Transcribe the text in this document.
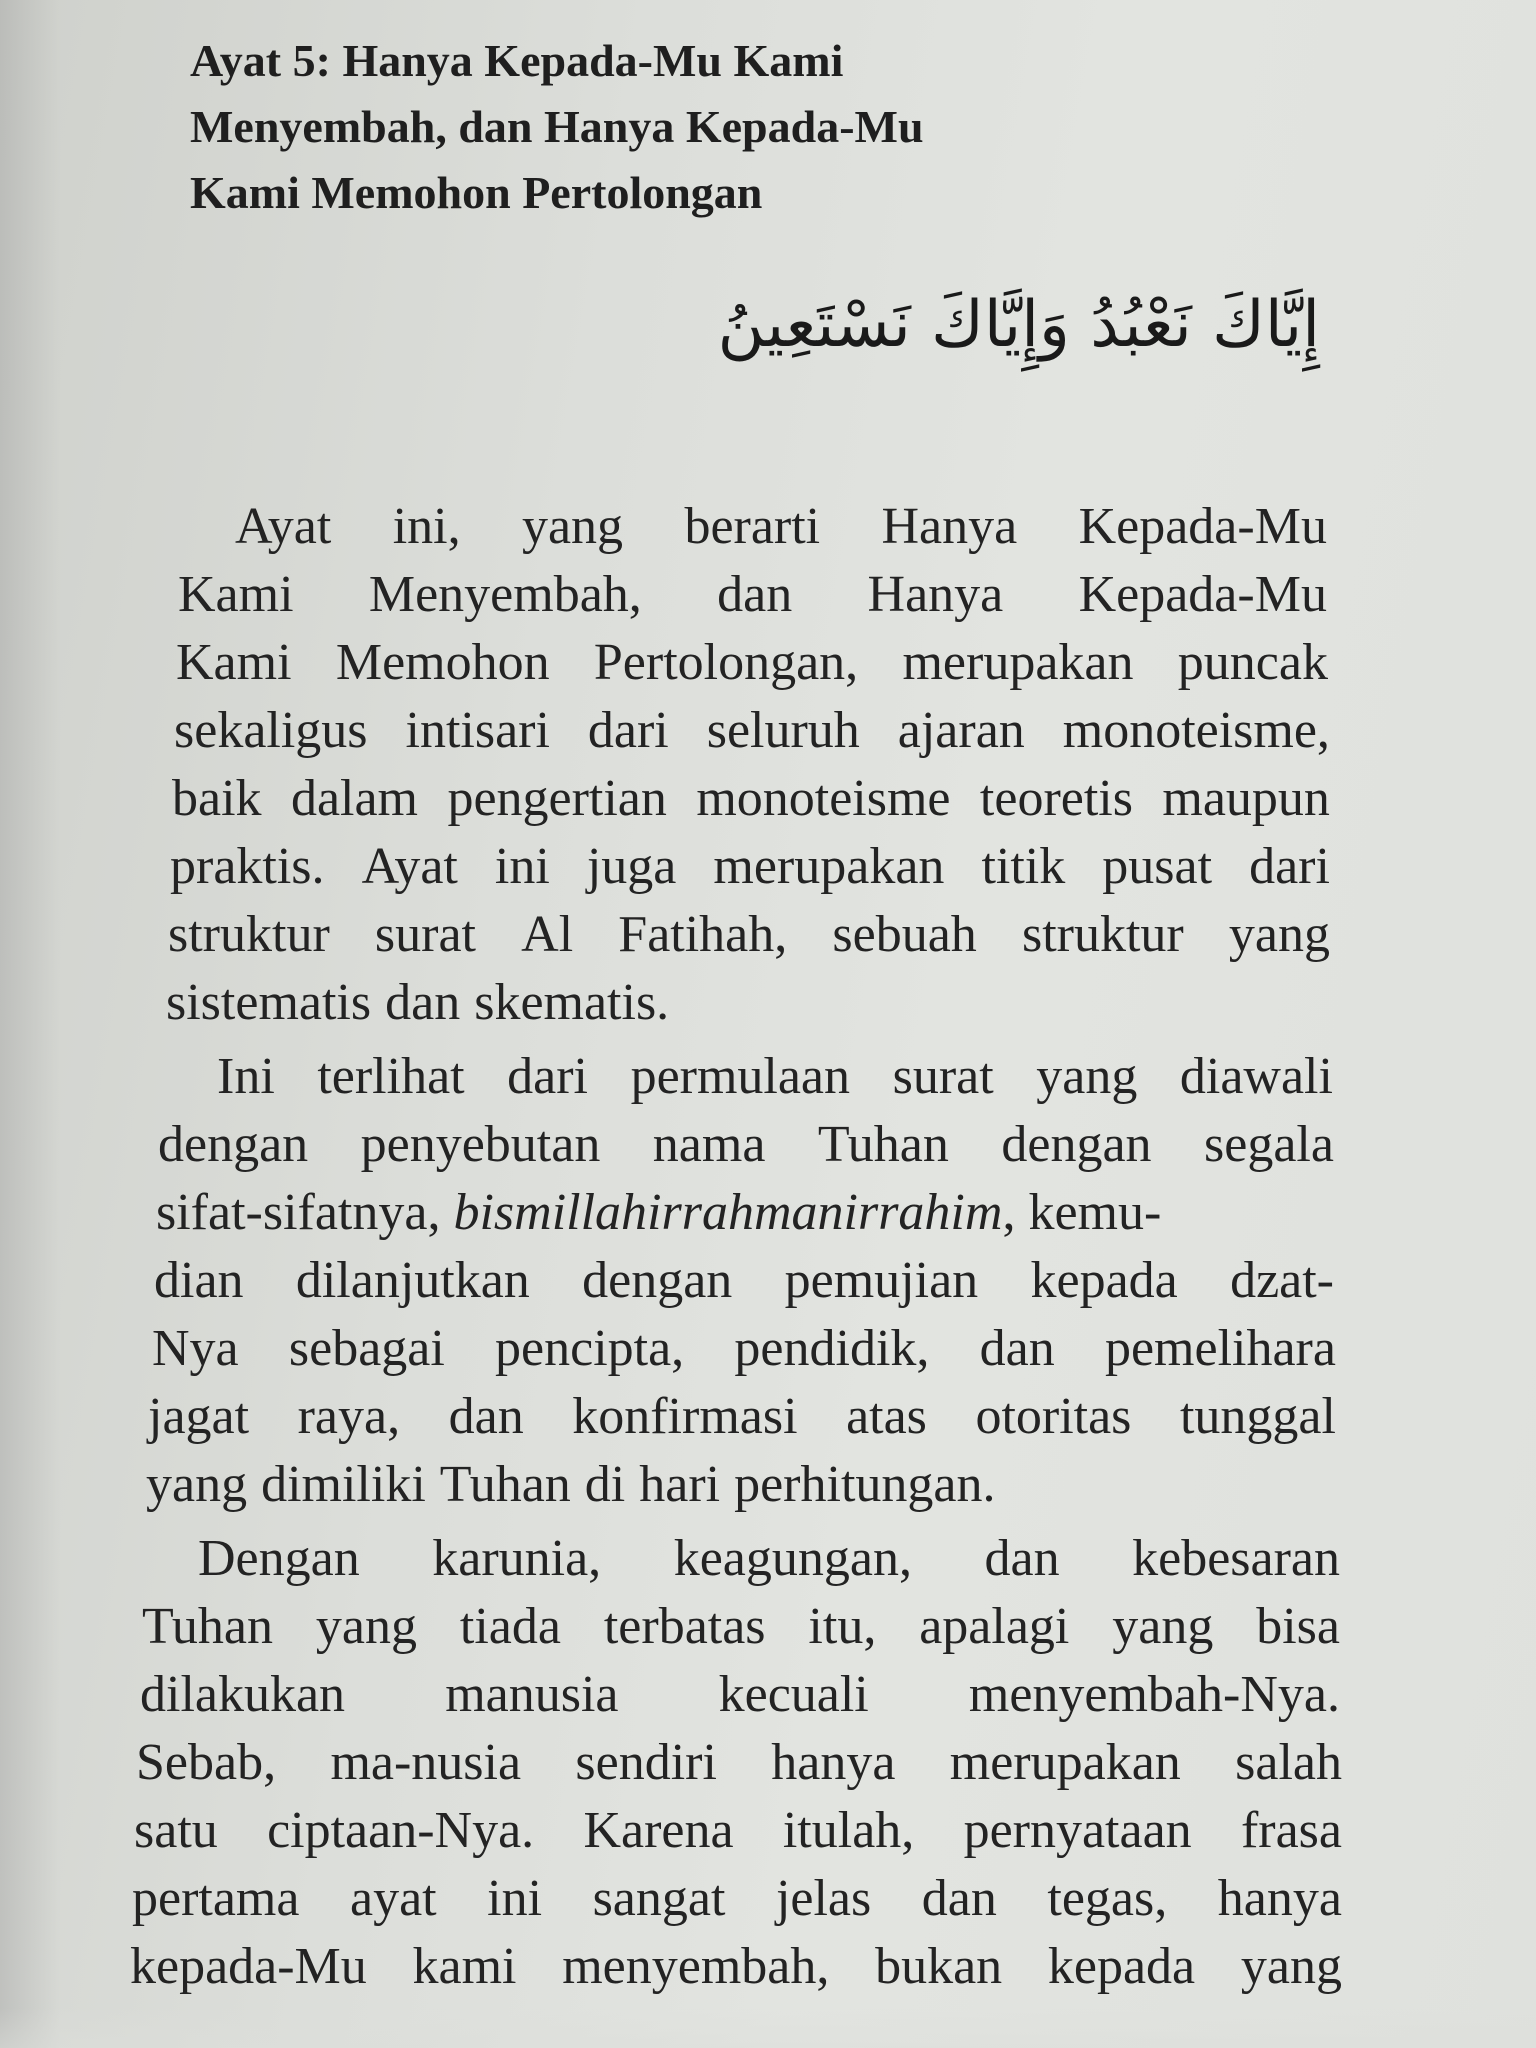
Ayat 5: Hanya Kepada-Mu Kami
Menyembah, dan Hanya Kepada-Mu
Kami Memohon Pertolongan
إِيَّاكَ نَعْبُدُ وَإِيَّاكَ نَسْتَعِينُ
Ayat ini, yang berarti Hanya Kepada-Mu
Kami Menyembah, dan Hanya Kepada-Mu
Kami Memohon Pertolongan, merupakan puncak
sekaligus intisari dari seluruh ajaran monoteisme,
baik dalam pengertian monoteisme teoretis maupun
praktis. Ayat ini juga merupakan titik pusat dari
struktur surat Al Fatihah, sebuah struktur yang
sistematis dan skematis.
Ini terlihat dari permulaan surat yang diawali
dengan penyebutan nama Tuhan dengan segala
sifat-sifatnya,
bismillahirrahmanirrahim , kemu-
dian dilanjutkan dengan pemujian kepada dzat-
Nya sebagai pencipta, pendidik, dan pemelihara
jagat raya, dan konfirmasi atas otoritas tunggal
yang dimiliki Tuhan di hari perhitungan.
Dengan karunia, keagungan, dan kebesaran
Tuhan yang tiada terbatas itu, apalagi yang bisa
dilakukan manusia kecuali menyembah-Nya.
Sebab, ma-nusia sendiri hanya merupakan salah
satu ciptaan-Nya. Karena itulah, pernyataan frasa
pertama ayat ini sangat jelas dan tegas, hanya
kepada-Mu kami menyembah, bukan kepada yang
